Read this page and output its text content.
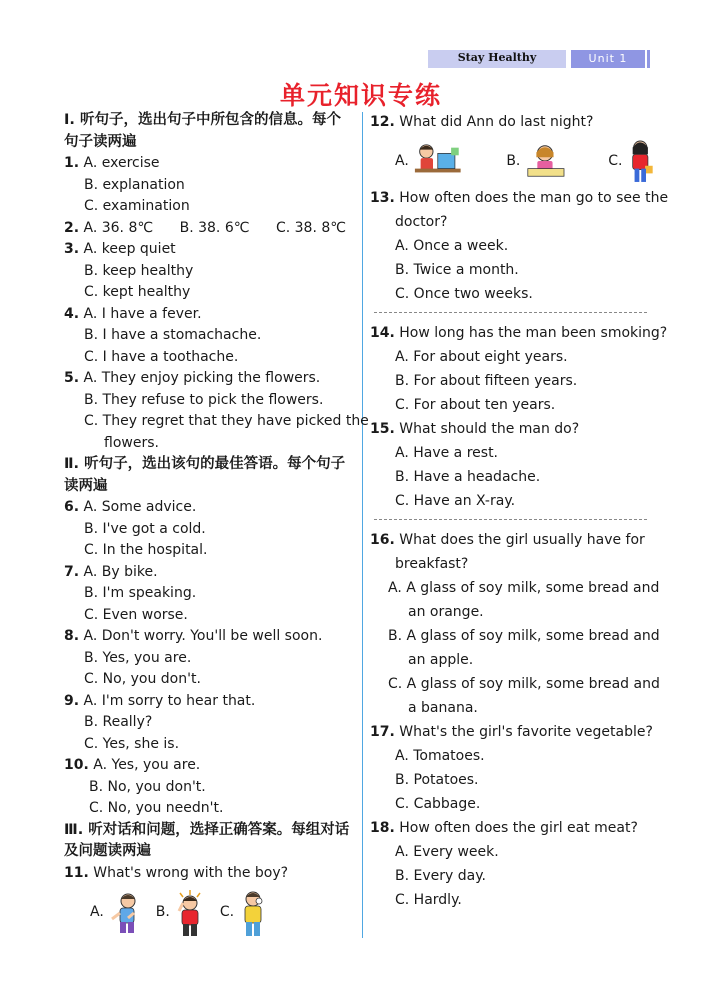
Stay Healthy	Unit 1
单元知识专练
Ⅰ. 听句子，选出句子中所包含的信息。每个句子读两遍
1. A. exercise
B. explanation
C. examination
2. A. 36. 8℃ B. 38. 6℃ C. 38. 8℃
3. A. keep quiet
B. keep healthy
C. kept healthy
4. A. I have a fever.
B. I have a stomachache.
C. I have a toothache.
5. A. They enjoy picking the flowers.
B. They refuse to pick the flowers.
C. They regret that they have picked the
flowers.
Ⅱ. 听句子，选出该句的最佳答语。每个句子读两遍
6. A. Some advice.
B. I've got a cold.
C. In the hospital.
7. A. By bike.
B. I'm speaking.
C. Even worse.
8. A. Don't worry. You'll be well soon.
B. Yes, you are.
C. No, you don't.
9. A. I'm sorry to hear that.
B. Really?
C. Yes, she is.
10. A. Yes, you are.
B. No, you don't.
C. No, you needn't.
Ⅲ. 听对话和问题，选择正确答案。每组对话及问题读两遍
11. What's wrong with the boy?
A.	B.	C.
12. What did Ann do last night?
A.	B.	C.
13. How often does the man go to see the
doctor?
A. Once a week.
B. Twice a month.
C. Once two weeks.
14. How long has the man been smoking?
A. For about eight years.
B. For about fifteen years.
C. For about ten years.
15. What should the man do?
A. Have a rest.
B. Have a headache.
C. Have an X-ray.
16. What does the girl usually have for
breakfast?
A. A glass of soy milk, some bread and
an orange.
B. A glass of soy milk, some bread and
an apple.
C. A glass of soy milk, some bread and
a banana.
17. What's the girl's favorite vegetable?
A. Tomatoes.
B. Potatoes.
C. Cabbage.
18. How often does the girl eat meat?
A. Every week.
B. Every day.
C. Hardly.
